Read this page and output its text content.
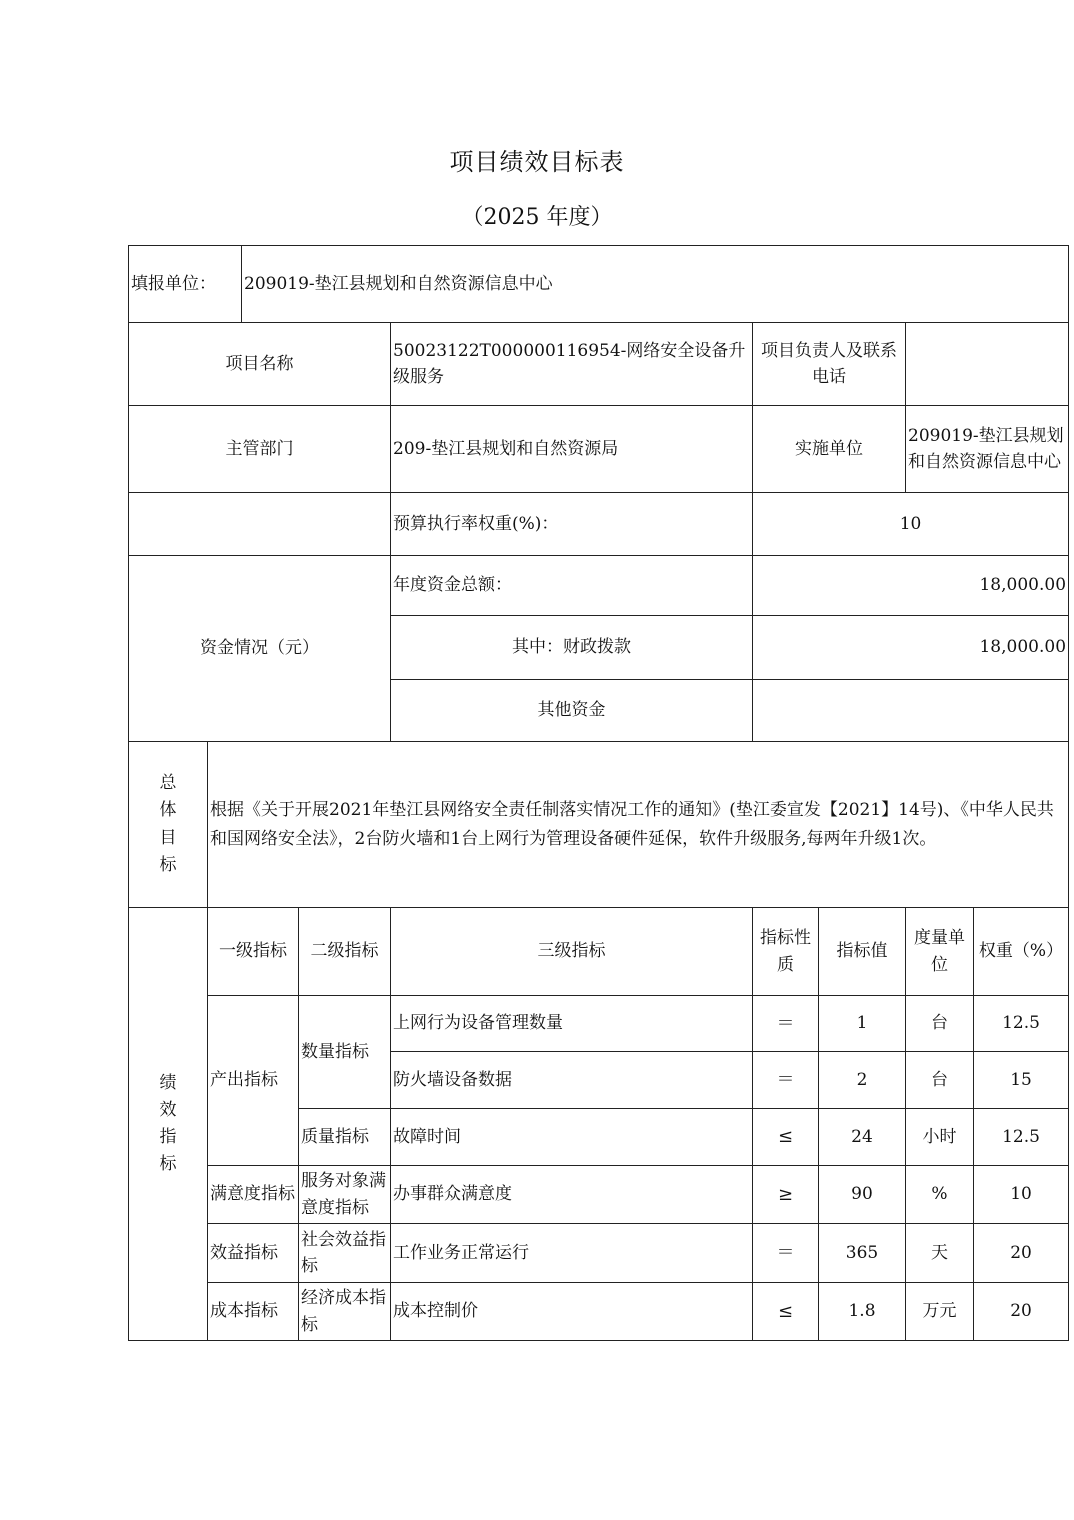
项目绩效目标表
（2025 年度）
填报单位：		209019-垫江县规划和自然资源信息中心						
项目名称				50023122T000000116954-网络安全设备升级服务	项目负责人及联系电话			
主管部门				209-垫江县规划和自然资源局	实施单位		209019-垫江县规划和自然资源信息中心	
				预算执行率权重(%)：	10			
资金情况（元）				年度资金总额：	18,000.00			
				其中：财政拨款	18,000.00			
				其他资金				
总体目标	根据《关于开展2021年垫江县网络安全责任制落实情况工作的通知》(垫江委宣发【2021】14号)、《中华人民共和国网络安全法》，2台防火墙和1台上网行为管理设备硬件延保，软件升级服务,每两年升级1次。							
绩效指标	一级指标		二级指标	三级指标	指标性质	指标值	度量单位	权重（%）
	产出指标		数量指标	上网行为设备管理数量	＝	1	台	12.5
				防火墙设备数据	＝	2	台	15
			质量指标	故障时间	≤	24	小时	12.5
	满意度指标		服务对象满意度指标	办事群众满意度	≥	90	%	10
	效益指标		社会效益指标	工作业务正常运行	＝	365	天	20
	成本指标		经济成本指标	成本控制价	≤	1.8	万元	20
